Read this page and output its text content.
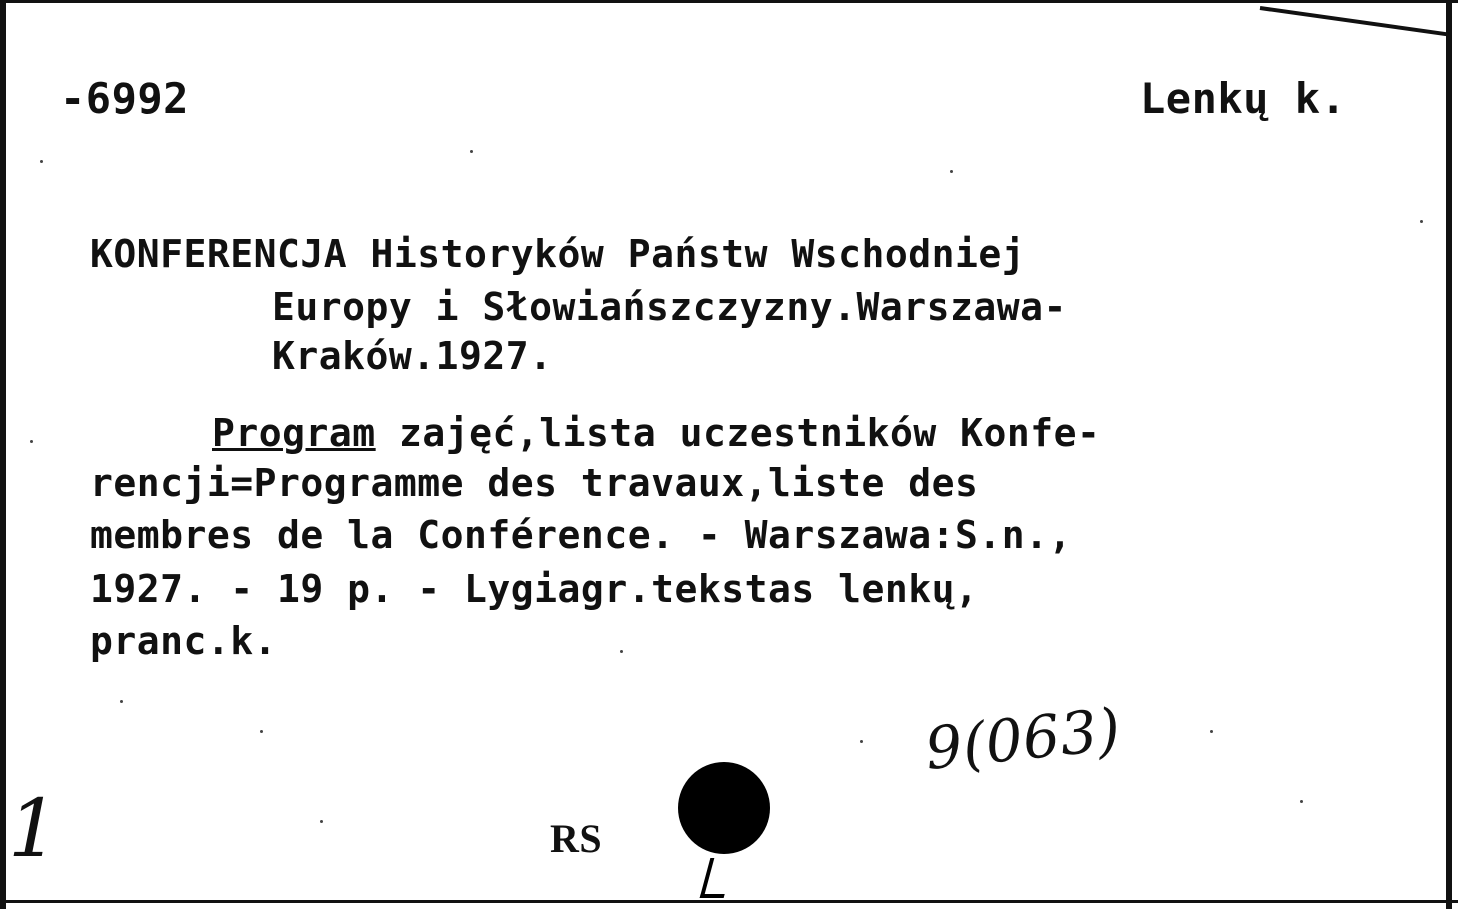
-6992	Lenkų k.
KONFERENCJA Historyków Państw Wschodniej
Europy i Słowiańszczyzny.Warszawa-
Kraków.1927.
Program zajęć,lista uczestników Konfe-
rencji=Programme des travaux,liste des
membres de la Conférence. - Warszawa:S.n.,
1927. - 19 p. - Lygiagr.tekstas lenkų,
pranc.k.
RS
9(063)
1
